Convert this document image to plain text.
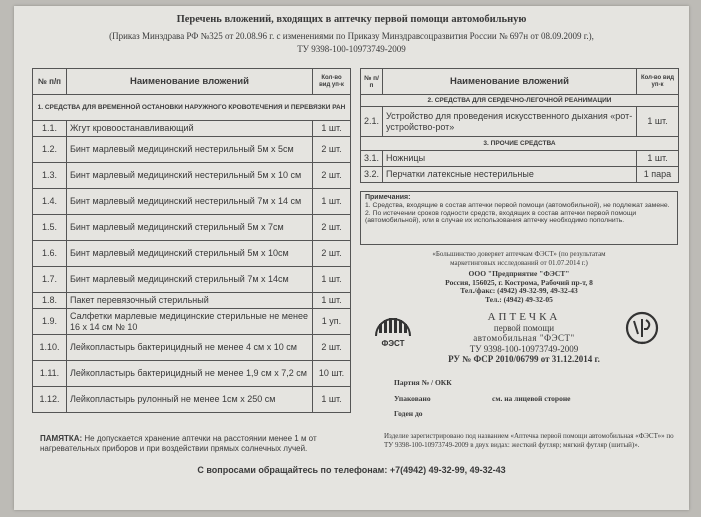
Перечень вложений, входящих в аптечку первой помощи автомобильную
(Приказ Минздрава РФ №325 от 20.08.96 г. с изменениями по Приказу Минздравсоцразвития России № 697н от 08.09.2009 г.),
ТУ 9398-100-10973749-2009
№ п/п	Наименование вложений	Кол-во вид уп-к
1. СРЕДСТВА ДЛЯ ВРЕМЕННОЙ ОСТАНОВКИ НАРУЖНОГО КРОВОТЕЧЕНИЯ И ПЕРЕВЯЗКИ РАН		
1.1.	Жгут кровоостанавливающий	1 шт.
1.2.	Бинт марлевый медицинский нестерильный 5м х 5см	2 шт.
1.3.	Бинт марлевый медицинский нестерильный 5м х 10 см	2 шт.
1.4.	Бинт марлевый медицинский нестерильный 7м х 14 см	1 шт.
1.5.	Бинт марлевый медицинский стерильный 5м х 7см	2 шт.
1.6.	Бинт марлевый медицинский стерильный 5м х 10см	2 шт.
1.7.	Бинт марлевый медицинский стерильный 7м х 14см	1 шт.
1.8.	Пакет перевязочный стерильный	1 шт.
1.9.	Салфетки марлевые медицинские стерильные не менее 16 х 14 см № 10	1 уп.
1.10.	Лейкопластырь бактерицидный не менее 4 см х 10 см	2 шт.
1.11.	Лейкопластырь бактерицидный не менее 1,9 см х 7,2 см	10 шт.
1.12.	Лейкопластырь рулонный не менее 1см х 250 см	1 шт.
№ п/п	Наименование вложений	Кол-во вид уп-к
2. СРЕДСТВА ДЛЯ СЕРДЕЧНО-ЛЕГОЧНОЙ РЕАНИМАЦИИ		
2.1.	Устройство для проведения искусственного дыхания «рот-устройство-рот»	1 шт.
3. ПРОЧИЕ СРЕДСТВА		
3.1.	Ножницы	1 шт.
3.2.	Перчатки латексные нестерильные	1 пара
Примечания:
1. Средства, входящие в состав аптечки первой помощи (автомобильной), не подлежат замене.
2. По истечении сроков годности средств, входящих в состав аптечки первой помощи (автомобильной), или в случае их использования аптечку необходимо пополнить.
«Большинство доверяет аптечкам ФЭСТ» (по результатам
маркетинговых исследований от 01.07.2014 г.)
ООО "Предприятие "ФЭСТ"
Россия, 156025, г. Кострома, Рабочий пр-т, 8
Тел./факс: (4942) 49-32-99, 49-32-43
Тел.: (4942) 49-32-05
ФЭСТ	РСТ
АПТЕЧКА
первой помощи
автомобильная "ФЭСТ"
ТУ 9398-100-10973749-2009
РУ № ФСР 2010/06799 от 31.12.2014 г.
Партия № / ОКК
Упаковано	см. на лицевой стороне
Годен до
Изделие зарегистрировано под названием «Аптечка первой помощи автомобильная «ФЭСТ»» по ТУ 9398-100-10973749-2009 в двух видах: жесткий футляр; мягкий футляр (шитый)».
ПАМЯТКА: Не допускается хранение аптечки на расстоянии менее 1 м от нагревательных приборов и при воздействии прямых солнечных лучей.
С вопросами обращайтесь по телефонам: +7(4942) 49-32-99, 49-32-43
